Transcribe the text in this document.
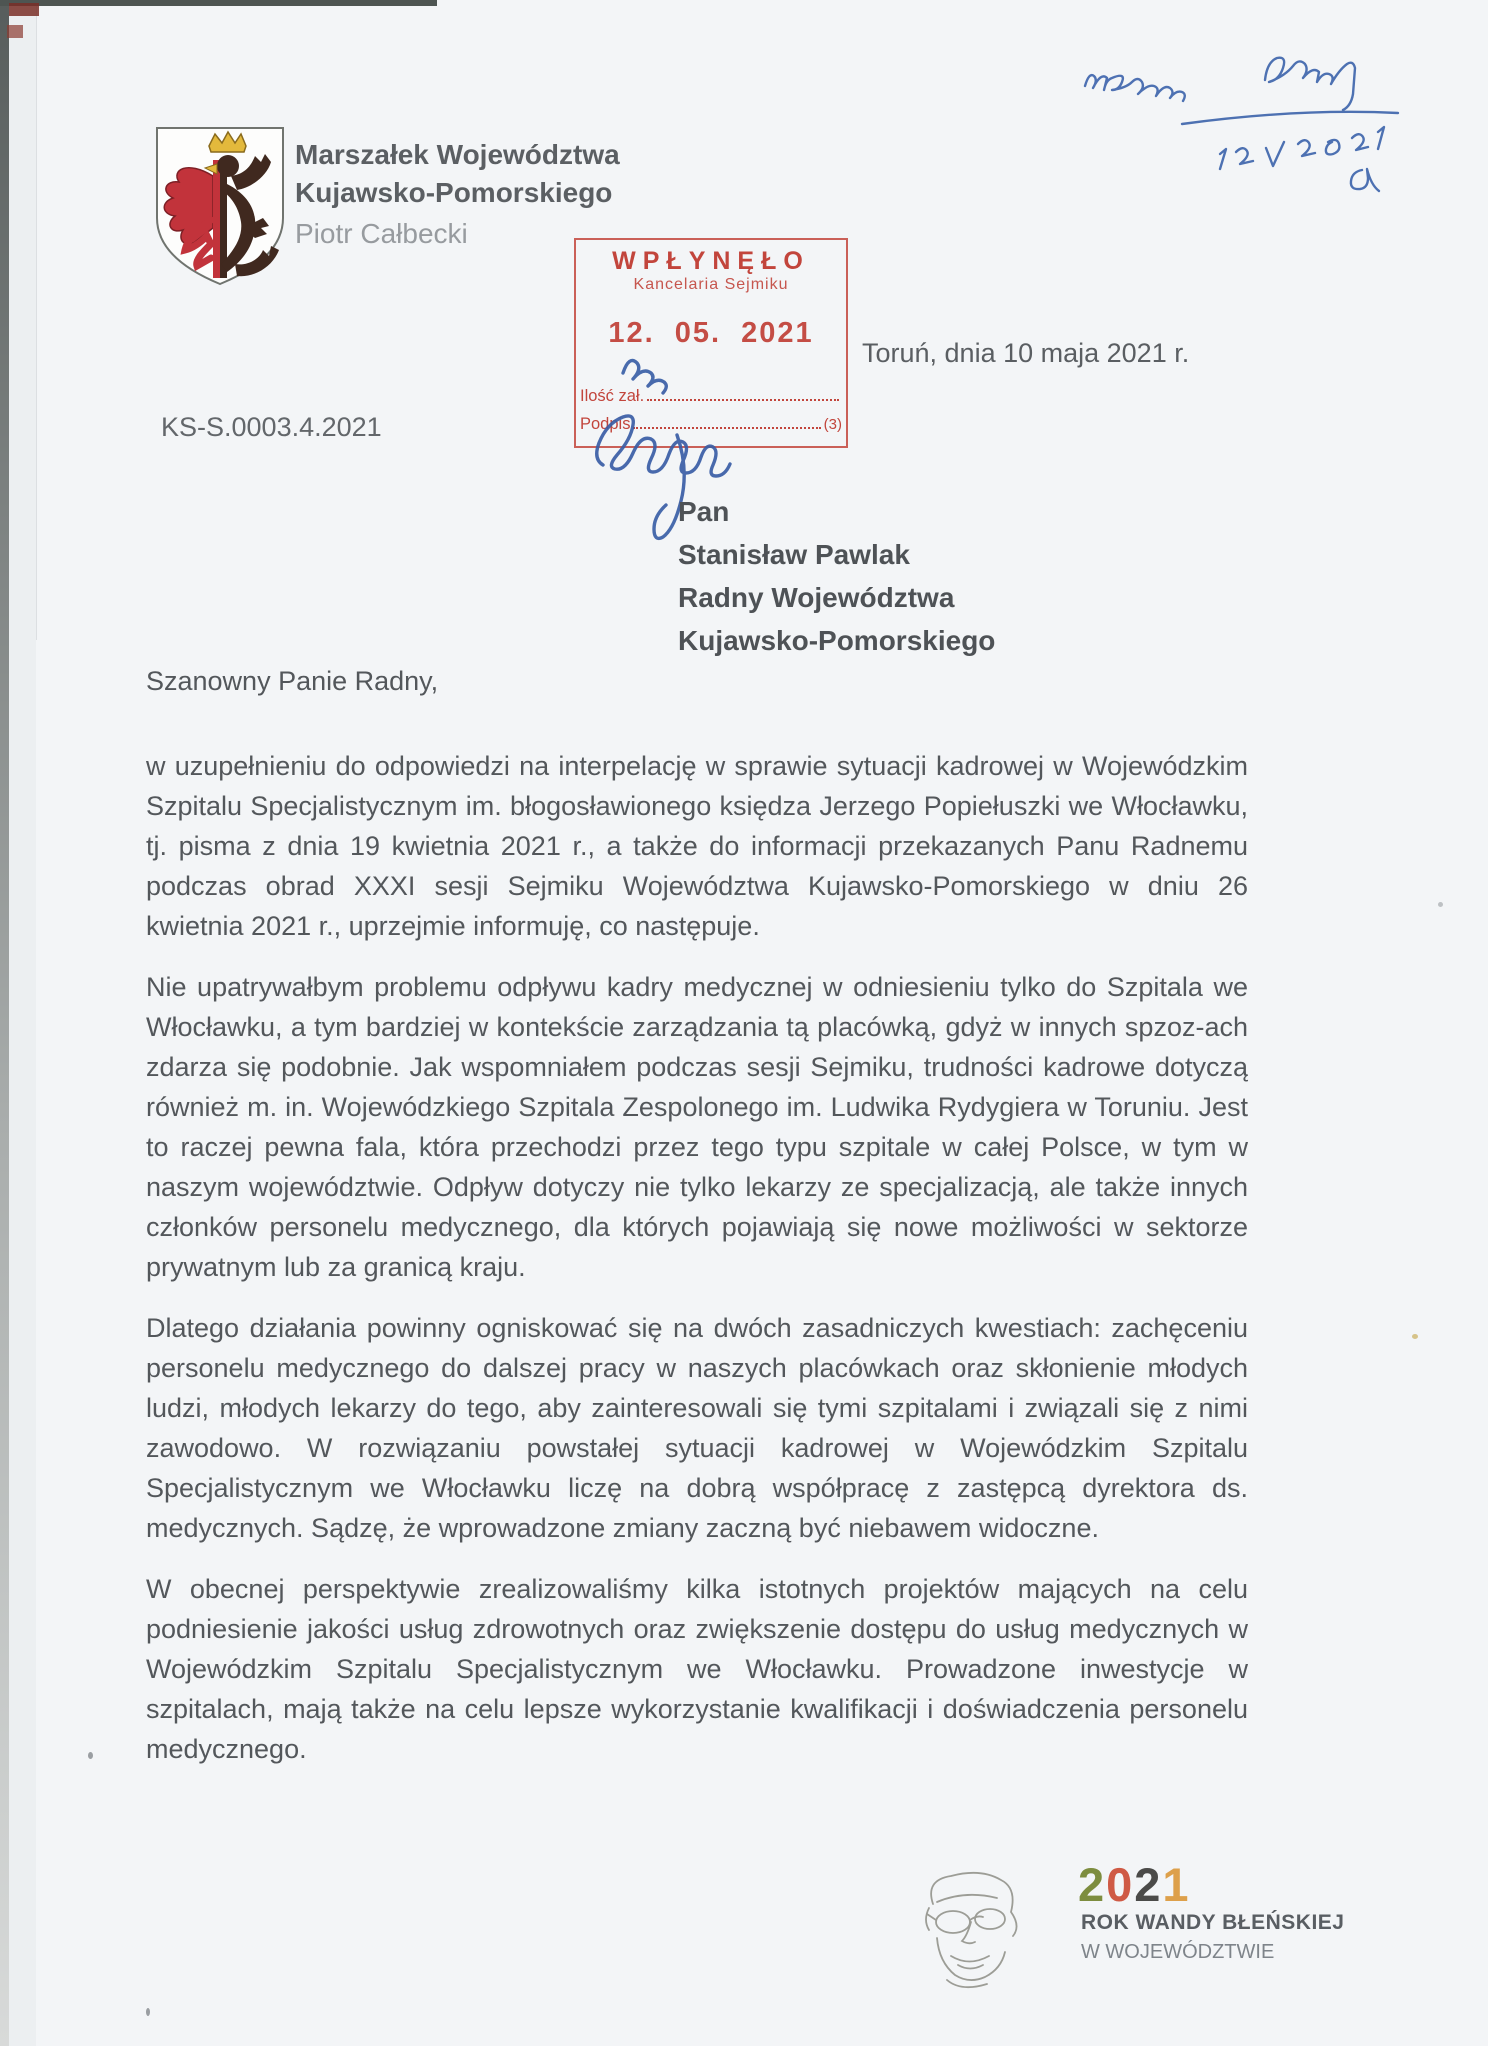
Marszałek Województwa
Kujawsko-Pomorskiego
Piotr Całbecki
WPŁYNĘŁO
Kancelaria Sejmiku
12. 05. 2021
Ilość zał.
Podpis	(3)
Toruń, dnia 10 maja 2021 r.
KS-S.0003.4.2021
Pan
Stanisław Pawlak
Radny Województwa
Kujawsko-Pomorskiego
Szanowny Panie Radny,

w uzupełnieniu do odpowiedzi na interpelację w sprawie sytuacji kadrowej w Wojewódzkim Szpitalu Specjalistycznym im. błogosławionego księdza Jerzego Popiełuszki we Włocławku, tj. pisma z dnia 19 kwietnia 2021 r., a także do informacji przekazanych Panu Radnemu podczas obrad XXXI sesji Sejmiku Województwa Kujawsko-Pomorskiego w dniu 26 kwietnia 2021 r., uprzejmie informuję, co następuje.

Nie upatrywałbym problemu odpływu kadry medycznej w odniesieniu tylko do Szpitala we Włocławku, a tym bardziej w kontekście zarządzania tą placówką, gdyż w innych spzoz-ach zdarza się podobnie. Jak wspomniałem podczas sesji Sejmiku, trudności kadrowe dotyczą również m. in. Wojewódzkiego Szpitala Zespolonego im. Ludwika Rydygiera w Toruniu. Jest to raczej pewna fala, która przechodzi przez tego typu szpitale w całej Polsce, w tym w naszym województwie. Odpływ dotyczy nie tylko lekarzy ze specjalizacją, ale także innych członków personelu medycznego, dla których pojawiają się nowe możliwości w sektorze prywatnym lub za granicą kraju.

Dlatego działania powinny ogniskować się na dwóch zasadniczych kwestiach: zachęceniu personelu medycznego do dalszej pracy w naszych placówkach oraz skłonienie młodych ludzi, młodych lekarzy do tego, aby zainteresowali się tymi szpitalami i związali się z nimi zawodowo. W rozwiązaniu powstałej sytuacji kadrowej w Wojewódzkim Szpitalu Specjalistycznym we Włocławku liczę na dobrą współpracę z zastępcą dyrektora ds. medycznych. Sądzę, że wprowadzone zmiany zaczną być niebawem widoczne.

W obecnej perspektywie zrealizowaliśmy kilka istotnych projektów mających na celu podniesienie jakości usług zdrowotnych oraz zwiększenie dostępu do usług medycznych w Wojewódzkim Szpitalu Specjalistycznym we Włocławku. Prowadzone inwestycje w szpitalach, mają także na celu lepsze wykorzystanie kwalifikacji i doświadczenia personelu medycznego.

2021
ROK WANDY BŁEŃSKIEJ
W WOJEWÓDZTWIE
